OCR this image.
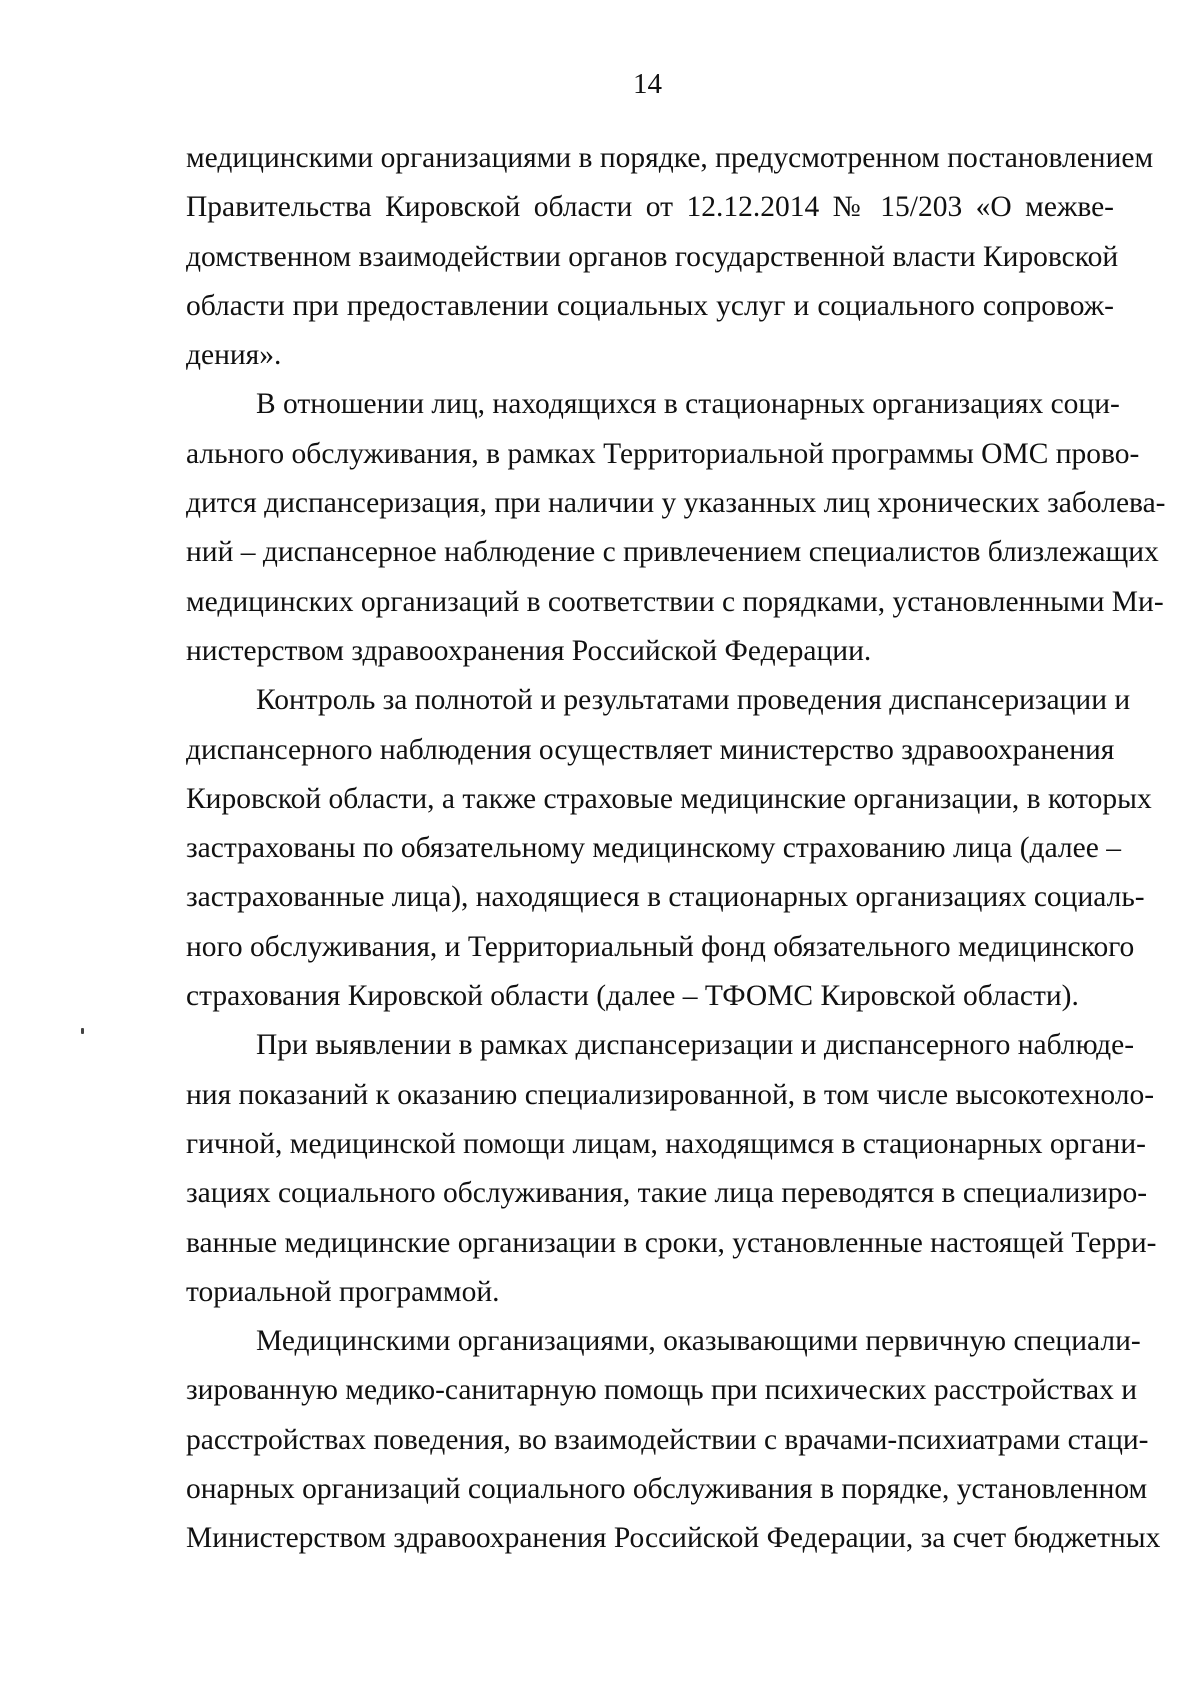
14

медицинскими организациями в порядке, предусмотренном постановлением
Правительства Кировской области от 12.12.2014 № 15/203 «О межве-
домственном взаимодействии органов государственной власти Кировской
области при предоставлении социальных услуг и социального сопровож-
дения».

В отношении лиц, находящихся в стационарных организациях соци-
ального обслуживания, в рамках Территориальной программы ОМС прово-
дится диспансеризация, при наличии у указанных лиц хронических заболева-
ний – диспансерное наблюдение с привлечением специалистов близлежащих
медицинских организаций в соответствии с порядками, установленными Ми-
нистерством здравоохранения Российской Федерации.

Контроль за полнотой и результатами проведения диспансеризации и
диспансерного наблюдения осуществляет министерство здравоохранения
Кировской области, а также страховые медицинские организации, в которых
застрахованы по обязательному медицинскому страхованию лица (далее –
застрахованные лица), находящиеся в стационарных организациях социаль-
ного обслуживания, и Территориальный фонд обязательного медицинского
страхования Кировской области (далее – ТФОМС Кировской области).

При выявлении в рамках диспансеризации и диспансерного наблюде-
ния показаний к оказанию специализированной, в том числе высокотехноло-
гичной, медицинской помощи лицам, находящимся в стационарных органи-
зациях социального обслуживания, такие лица переводятся в специализиро-
ванные медицинские организации в сроки, установленные настоящей Терри-
ториальной программой.

Медицинскими организациями, оказывающими первичную специали-
зированную медико-санитарную помощь при психических расстройствах и
расстройствах поведения, во взаимодействии с врачами-психиатрами стаци-
онарных организаций социального обслуживания в порядке, установленном
Министерством здравоохранения Российской Федерации, за счет бюджетных
